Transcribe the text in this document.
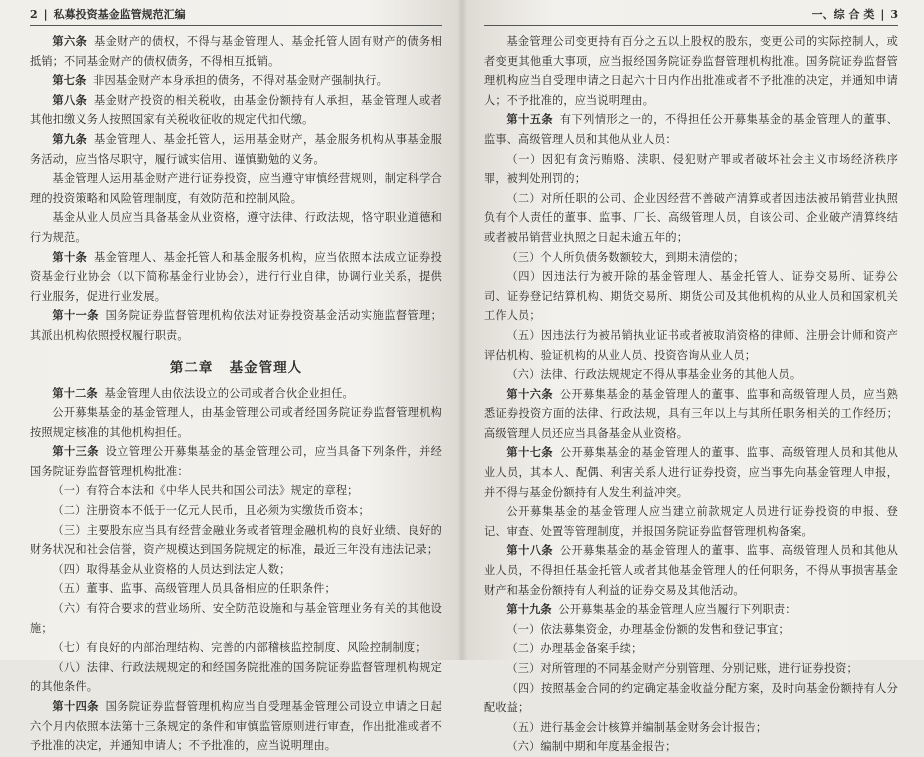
2 | 私募投资基金监管规范汇编

第六条 基金财产的债权，不得与基金管理人、基金托管人固有财产的债务相抵销；不同基金财产的债权债务，不得相互抵销。

第七条 非因基金财产本身承担的债务，不得对基金财产强制执行。

第八条 基金财产投资的相关税收，由基金份额持有人承担，基金管理人或者其他扣缴义务人按照国家有关税收征收的规定代扣代缴。

第九条 基金管理人、基金托管人，运用基金财产，基金服务机构从事基金服务活动，应当恪尽职守，履行诚实信用、谨慎勤勉的义务。

基金管理人运用基金财产进行证券投资，应当遵守审慎经营规则，制定科学合理的投资策略和风险管理制度，有效防范和控制风险。

基金从业人员应当具备基金从业资格，遵守法律、行政法规，恪守职业道德和行为规范。

第十条 基金管理人、基金托管人和基金服务机构，应当依照本法成立证券投资基金行业协会（以下简称基金行业协会），进行行业自律，协调行业关系，提供行业服务，促进行业发展。

第十一条 国务院证券监督管理机构依法对证券投资基金活动实施监督管理；其派出机构依照授权履行职责。

第二章 基金管理人

第十二条 基金管理人由依法设立的公司或者合伙企业担任。

公开募集基金的基金管理人，由基金管理公司或者经国务院证券监督管理机构按照规定核准的其他机构担任。

第十三条 设立管理公开募集基金的基金管理公司，应当具备下列条件，并经国务院证券监督管理机构批准：

（一）有符合本法和《中华人民共和国公司法》规定的章程；

（二）注册资本不低于一亿元人民币，且必须为实缴货币资本；

（三）主要股东应当具有经营金融业务或者管理金融机构的良好业绩、良好的财务状况和社会信誉，资产规模达到国务院规定的标准，最近三年没有违法记录；

（四）取得基金从业资格的人员达到法定人数；

（五）董事、监事、高级管理人员具备相应的任职条件；

（六）有符合要求的营业场所、安全防范设施和与基金管理业务有关的其他设施；

（七）有良好的内部治理结构、完善的内部稽核监控制度、风险控制制度；

（八）法律、行政法规规定的和经国务院批准的国务院证券监督管理机构规定的其他条件。

第十四条 国务院证券监督管理机构应当自受理基金管理公司设立申请之日起六个月内依照本法第十三条规定的条件和审慎监管原则进行审查，作出批准或者不予批准的决定，并通知申请人；不予批准的，应当说明理由。

一、综 合 类 | 3

基金管理公司变更持有百分之五以上股权的股东，变更公司的实际控制人，或者变更其他重大事项，应当报经国务院证券监督管理机构批准。国务院证券监督管理机构应当自受理申请之日起六十日内作出批准或者不予批准的决定，并通知申请人；不予批准的，应当说明理由。

第十五条 有下列情形之一的，不得担任公开募集基金的基金管理人的董事、监事、高级管理人员和其他从业人员：

（一）因犯有贪污贿赂、渎职、侵犯财产罪或者破坏社会主义市场经济秩序罪，被判处刑罚的；

（二）对所任职的公司、企业因经营不善破产清算或者因违法被吊销营业执照负有个人责任的董事、监事、厂长、高级管理人员，自该公司、企业破产清算终结或者被吊销营业执照之日起未逾五年的；

（三）个人所负债务数额较大，到期未清偿的；

（四）因违法行为被开除的基金管理人、基金托管人、证券交易所、证券公司、证券登记结算机构、期货交易所、期货公司及其他机构的从业人员和国家机关工作人员；

（五）因违法行为被吊销执业证书或者被取消资格的律师、注册会计师和资产评估机构、验证机构的从业人员、投资咨询从业人员；

（六）法律、行政法规规定不得从事基金业务的其他人员。

第十六条 公开募集基金的基金管理人的董事、监事和高级管理人员，应当熟悉证券投资方面的法律、行政法规，具有三年以上与其所任职务相关的工作经历；高级管理人员还应当具备基金从业资格。

第十七条 公开募集基金的基金管理人的董事、监事、高级管理人员和其他从业人员，其本人、配偶、利害关系人进行证券投资，应当事先向基金管理人申报，并不得与基金份额持有人发生利益冲突。

公开募集基金的基金管理人应当建立前款规定人员进行证券投资的申报、登记、审查、处置等管理制度，并报国务院证券监督管理机构备案。

第十八条 公开募集基金的基金管理人的董事、监事、高级管理人员和其他从业人员，不得担任基金托管人或者其他基金管理人的任何职务，不得从事损害基金财产和基金份额持有人利益的证券交易及其他活动。

第十九条 公开募集基金的基金管理人应当履行下列职责：

（一）依法募集资金，办理基金份额的发售和登记事宜；

（二）办理基金备案手续；

（三）对所管理的不同基金财产分别管理、分别记账，进行证券投资；

（四）按照基金合同的约定确定基金收益分配方案，及时向基金份额持有人分配收益；

（五）进行基金会计核算并编制基金财务会计报告；

（六）编制中期和年度基金报告；
